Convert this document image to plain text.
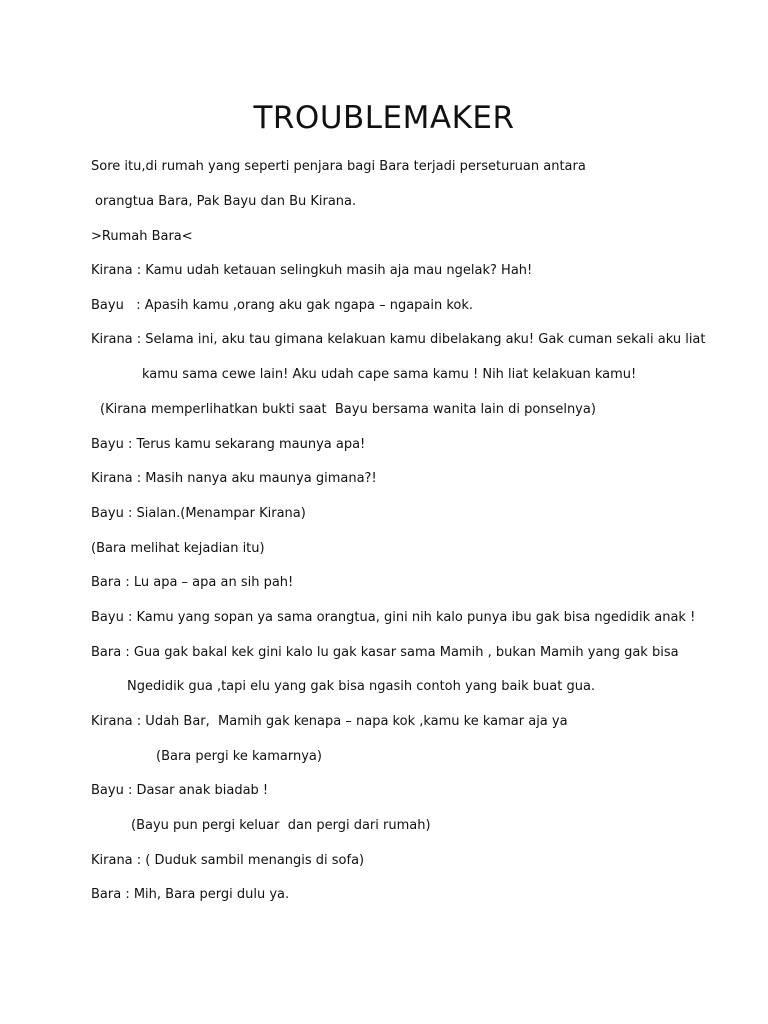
TROUBLEMAKER
Sore itu,di rumah yang seperti penjara bagi Bara terjadi perseturuan antara
orangtua Bara, Pak Bayu dan Bu Kirana.
>Rumah Bara<
Kirana : Kamu udah ketauan selingkuh masih aja mau ngelak? Hah!
Bayu   : Apasih kamu ,orang aku gak ngapa – ngapain kok.
Kirana : Selama ini, aku tau gimana kelakuan kamu dibelakang aku! Gak cuman sekali aku liat
kamu sama cewe lain! Aku udah cape sama kamu ! Nih liat kelakuan kamu!
(Kirana memperlihatkan bukti saat  Bayu bersama wanita lain di ponselnya)
Bayu : Terus kamu sekarang maunya apa!
Kirana : Masih nanya aku maunya gimana?!
Bayu : Sialan.(Menampar Kirana)
(Bara melihat kejadian itu)
Bara : Lu apa – apa an sih pah!
Bayu : Kamu yang sopan ya sama orangtua, gini nih kalo punya ibu gak bisa ngedidik anak !
Bara : Gua gak bakal kek gini kalo lu gak kasar sama Mamih , bukan Mamih yang gak bisa
Ngedidik gua ,tapi elu yang gak bisa ngasih contoh yang baik buat gua.
Kirana : Udah Bar,  Mamih gak kenapa – napa kok ,kamu ke kamar aja ya
(Bara pergi ke kamarnya)
Bayu : Dasar anak biadab !
(Bayu pun pergi keluar  dan pergi dari rumah)
Kirana : ( Duduk sambil menangis di sofa)
Bara : Mih, Bara pergi dulu ya.
